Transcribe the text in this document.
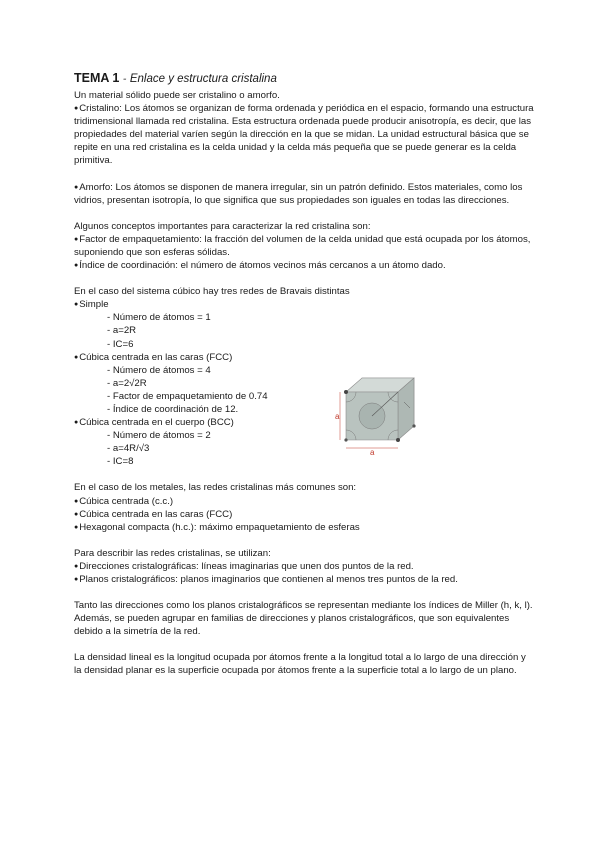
TEMA 1 - Enlace y estructura cristalina

Un material sólido puede ser cristalino o amorfo.

● Cristalino: Los átomos se organizan de forma ordenada y periódica en el espacio, formando una estructura tridimensional llamada red cristalina. Esta estructura ordenada puede producir anisotropía, es decir, que las propiedades del material varíen según la dirección en la que se midan. La unidad estructural básica que se repite en una red cristalina es la celda unidad y la celda más pequeña que se puede generar es la celda primitiva.

● Amorfo: Los átomos se disponen de manera irregular, sin un patrón definido. Estos materiales, como los vidrios, presentan isotropía, lo que significa que sus propiedades son iguales en todas las direcciones.

Algunos conceptos importantes para caracterizar la red cristalina son:

● Factor de empaquetamiento: la fracción del volumen de la celda unidad que está ocupada por los átomos, suponiendo que son esferas sólidas.

● Índice de coordinación: el número de átomos vecinos más cercanos a un átomo dado.

En el caso del sistema cúbico hay tres redes de Bravais distintas

● Simple

- Número de átomos = 1

- a=2R

- IC=6

● Cúbica centrada en las caras (FCC)

- Número de átomos = 4

- a=2√2R

- Factor de empaquetamiento de 0.74

- Índice de coordinación de 12.

● Cúbica centrada en el cuerpo (BCC)

- Número de átomos = 2

- a=4R/√3

- IC=8

En el caso de los metales, las redes cristalinas más comunes son:

● Cúbica centrada (c.c.)

● Cúbica centrada en las caras (FCC)

● Hexagonal compacta (h.c.): máximo empaquetamiento de esferas

Para describir las redes cristalinas, se utilizan:

● Direcciones cristalográficas: líneas imaginarias que unen dos puntos de la red.

● Planos cristalográficos: planos imaginarios que contienen al menos tres puntos de la red.

Tanto las direcciones como los planos cristalográficos se representan mediante los índices de Miller (h, k, l). Además, se pueden agrupar en familias de direcciones y planos cristalográficos, que son equivalentes debido a la simetría de la red.

La densidad lineal es la longitud ocupada por átomos frente a la longitud total a lo largo de una dirección y la densidad planar es la superficie ocupada por átomos frente a la superficie total a lo largo de un plano.

a
a
